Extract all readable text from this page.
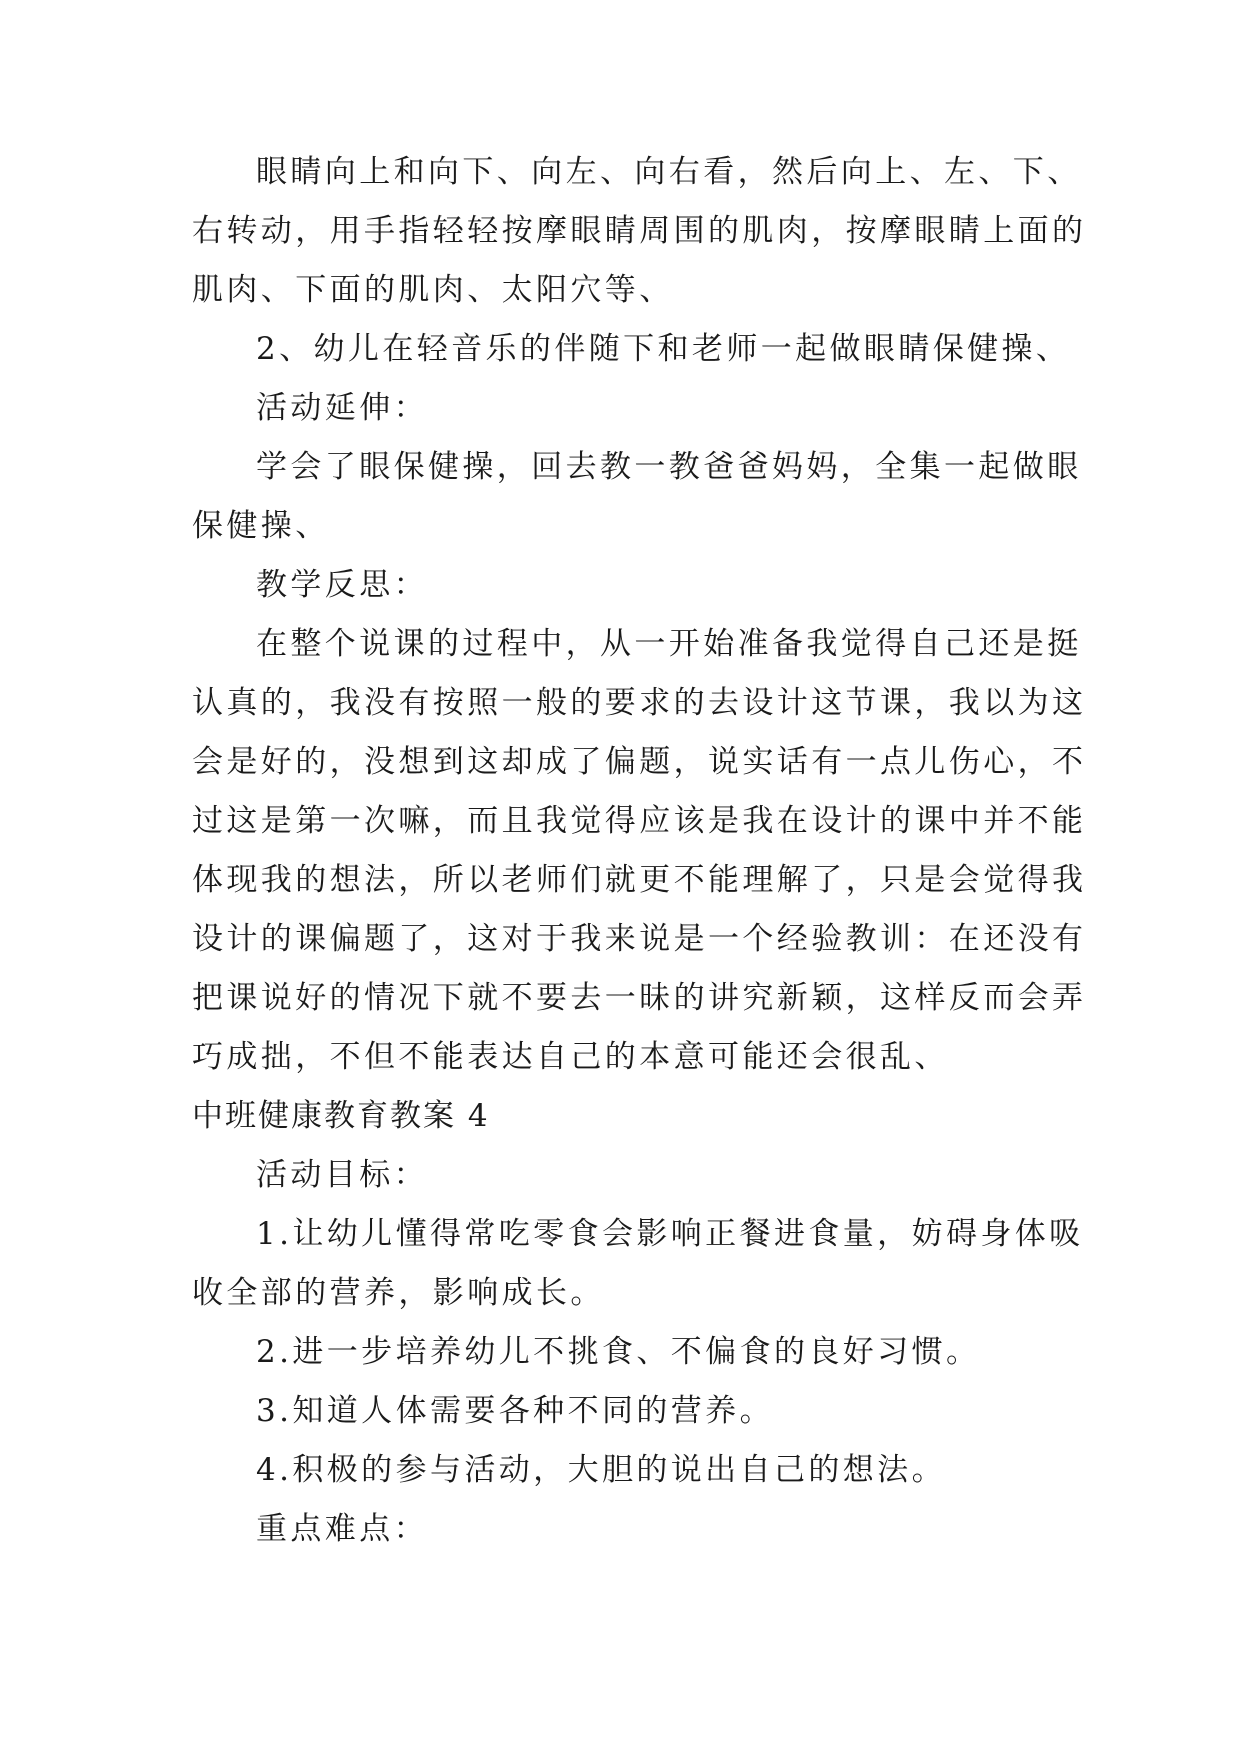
眼睛向上和向下、向左、向右看，然后向上、左、下、
右转动，用手指轻轻按摩眼睛周围的肌肉，按摩眼睛上面的
肌肉、下面的肌肉、太阳穴等、
2、幼儿在轻音乐的伴随下和老师一起做眼睛保健操、
活动延伸：
学会了眼保健操，回去教一教爸爸妈妈，全集一起做眼
保健操、
教学反思：
在整个说课的过程中，从一开始准备我觉得自己还是挺
认真的，我没有按照一般的要求的去设计这节课，我以为这
会是好的，没想到这却成了偏题，说实话有一点儿伤心，不
过这是第一次嘛，而且我觉得应该是我在设计的课中并不能
体现我的想法，所以老师们就更不能理解了，只是会觉得我
设计的课偏题了，这对于我来说是一个经验教训：在还没有
把课说好的情况下就不要去一昧的讲究新颖，这样反而会弄
巧成拙，不但不能表达自己的本意可能还会很乱、
中班健康教育教案 4
活动目标：
1.让幼儿懂得常吃零食会影响正餐进食量，妨碍身体吸
收全部的营养，影响成长。
2.进一步培养幼儿不挑食、不偏食的良好习惯。
3.知道人体需要各种不同的营养。
4.积极的参与活动，大胆的说出自己的想法。
重点难点：
